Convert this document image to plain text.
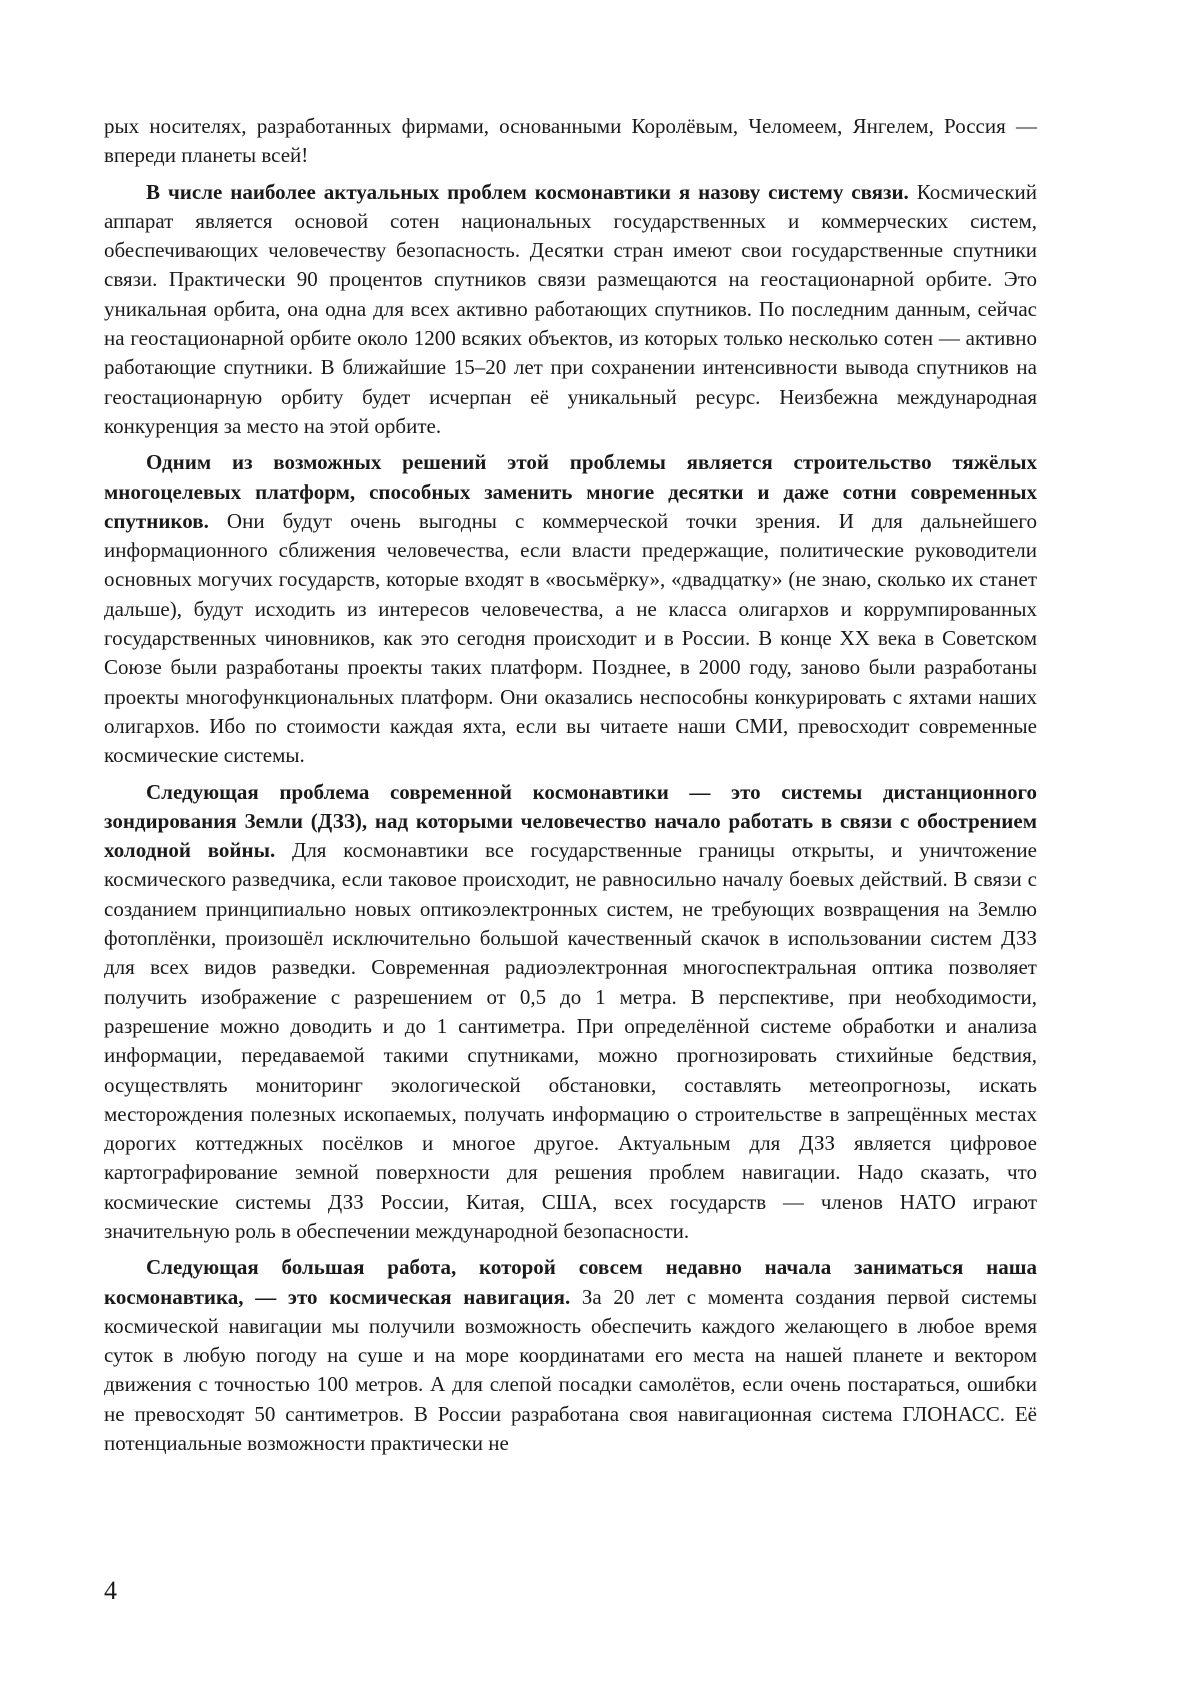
рых носителях, разработанных фирмами, основанными Королёвым, Челомеем, Янгелем, Россия — впереди планеты всей!

В числе наиболее актуальных проблем космонавтики я назову систему связи. Космический аппарат является основой сотен национальных государственных и коммерческих систем, обеспечивающих человечеству безопасность. Десятки стран имеют свои государственные спутники связи. Практически 90 процентов спутников связи размещаются на геостационарной орбите. Это уникальная орбита, она одна для всех активно работающих спутников. По последним данным, сейчас на геостационарной орбите около 1200 всяких объектов, из которых только несколько сотен — активно работающие спутники. В ближайшие 15–20 лет при сохранении интенсивности вывода спутников на геостационарную орбиту будет исчерпан её уникальный ресурс. Неизбежна международная конкуренция за место на этой орбите.

Одним из возможных решений этой проблемы является строительство тяжёлых многоцелевых платформ, способных заменить многие десятки и даже сотни современных спутников. Они будут очень выгодны с коммерческой точки зрения. И для дальнейшего информационного сближения человечества, если власти предержащие, политические руководители основных могучих государств, которые входят в «восьмёрку», «двадцатку» (не знаю, сколько их станет дальше), будут исходить из интересов человечества, а не класса олигархов и коррумпированных государственных чиновников, как это сегодня происходит и в России. В конце XX века в Советском Союзе были разработаны проекты таких платформ. Позднее, в 2000 году, заново были разработаны проекты многофункциональных платформ. Они оказались неспособны конкурировать с яхтами наших олигархов. Ибо по стоимости каждая яхта, если вы читаете наши СМИ, превосходит современные космические системы.

Следующая проблема современной космонавтики — это системы дистанционного зондирования Земли (ДЗЗ), над которыми человечество начало работать в связи с обострением холодной войны. Для космонавтики все государственные границы открыты, и уничтожение космического разведчика, если таковое происходит, не равносильно началу боевых действий. В связи с созданием принципиально новых оптикоэлектронных систем, не требующих возвращения на Землю фотоплёнки, произошёл исключительно большой качественный скачок в использовании систем ДЗЗ для всех видов разведки. Современная радиоэлектронная многоспектральная оптика позволяет получить изображение с разрешением от 0,5 до 1 метра. В перспективе, при необходимости, разрешение можно доводить и до 1 сантиметра. При определённой системе обработки и анализа информации, передаваемой такими спутниками, можно прогнозировать стихийные бедствия, осуществлять мониторинг экологической обстановки, составлять метеопрогнозы, искать месторождения полезных ископаемых, получать информацию о строительстве в запрещённых местах дорогих коттеджных посёлков и многое другое. Актуальным для ДЗЗ является цифровое картографирование земной поверхности для решения проблем навигации. Надо сказать, что космические системы ДЗЗ России, Китая, США, всех государств — членов НАТО играют значительную роль в обеспечении международной безопасности.

Следующая большая работа, которой совсем недавно начала заниматься наша космонавтика, — это космическая навигация. За 20 лет с момента создания первой системы космической навигации мы получили возможность обеспечить каждого желающего в любое время суток в любую погоду на суше и на море координатами его места на нашей планете и вектором движения с точностью 100 метров. А для слепой посадки самолётов, если очень постараться, ошибки не превосходят 50 сантиметров. В России разработана своя навигационная система ГЛОНАСС. Её потенциальные возможности практически не

4
